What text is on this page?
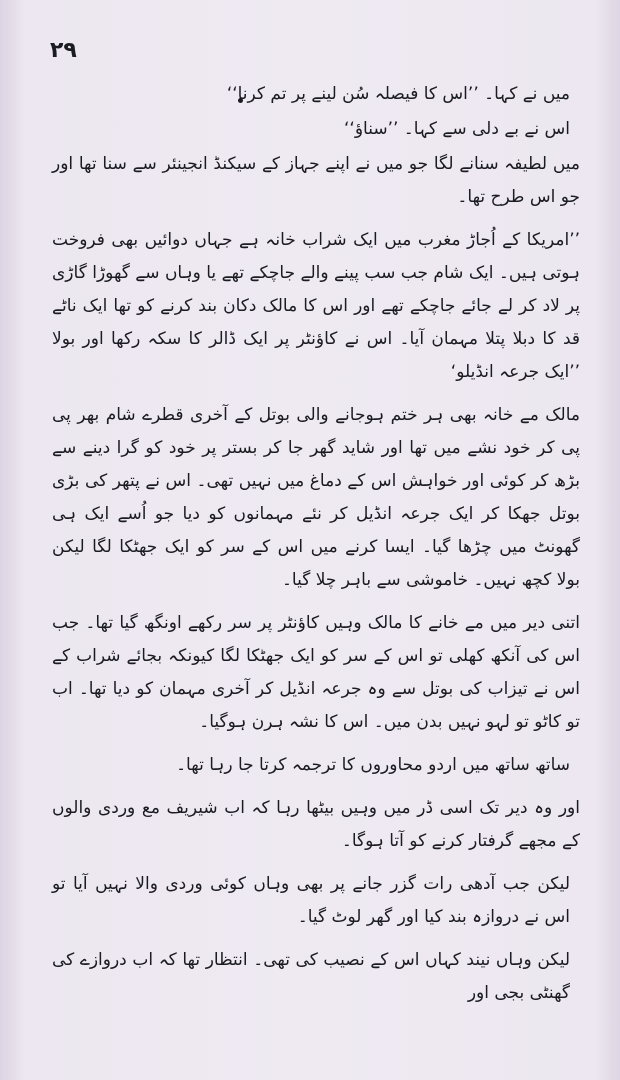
۲۹

میں نے کہا۔ ’’اس کا فیصلہ سُن لینے پر تم کرنا‘‘

اس نے بے دلی سے کہا۔ ’’سناؤ‘‘

میں لطیفہ سنانے لگا جو میں نے اپنے جہاز کے سیکنڈ انجینئر سے سنا تھا اور جو اس طرح تھا۔

’’امریکا کے اُجاڑ مغرب میں ایک شراب خانہ ہے جہاں دوائیں بھی فروخت ہوتی ہیں۔ ایک شام جب سب پینے والے جاچکے تھے یا وہاں سے گھوڑا گاڑی پر لاد کر لے جائے جاچکے تھے اور اس کا مالک دکان بند کرنے کو تھا ایک ناٹے قد کا دبلا پتلا مہمان آیا۔ اس نے کاؤنٹر پر ایک ڈالر کا سکہ رکھا اور بولا ’’ایک جرعہ انڈیلو‘

مالک مے خانہ بھی ہر ختم ہوجانے والی بوتل کے آخری قطرے شام بھر پی پی کر خود نشے میں تھا اور شاید گھر جا کر بستر پر خود کو گرا دینے سے بڑھ کر کوئی اور خواہش اس کے دماغ میں نہیں تھی۔ اس نے پتھر کی بڑی بوتل جھکا کر ایک جرعہ انڈیل کر نئے مہمانوں کو دیا جو اُسے ایک ہی گھونٹ میں چڑھا گیا۔ ایسا کرنے میں اس کے سر کو ایک جھٹکا لگا لیکن بولا کچھ نہیں۔ خاموشی سے باہر چلا گیا۔

اتنی دیر میں مے خانے کا مالک وہیں کاؤنٹر پر سر رکھے اونگھ گیا تھا۔ جب اس کی آنکھ کھلی تو اس کے سر کو ایک جھٹکا لگا کیونکہ بجائے شراب کے اس نے تیزاب کی بوتل سے وہ جرعہ انڈیل کر آخری مہمان کو دیا تھا۔ اب تو کاٹو تو لہو نہیں بدن میں۔ اس کا نشہ ہرن ہوگیا۔

ساتھ ساتھ میں اردو محاوروں کا ترجمہ کرتا جا رہا تھا۔

اور وہ دیر تک اسی ڈر میں وہیں بیٹھا رہا کہ اب شیریف مع وردی والوں کے مجھے گرفتار کرنے کو آتا ہوگا۔

لیکن جب آدھی رات گزر جانے پر بھی وہاں کوئی وردی والا نہیں آیا تو اس نے دروازہ بند کیا اور گھر لوٹ گیا۔

لیکن وہاں نیند کہاں اس کے نصیب کی تھی۔ انتظار تھا کہ اب دروازے کی گھنٹی بجی اور
